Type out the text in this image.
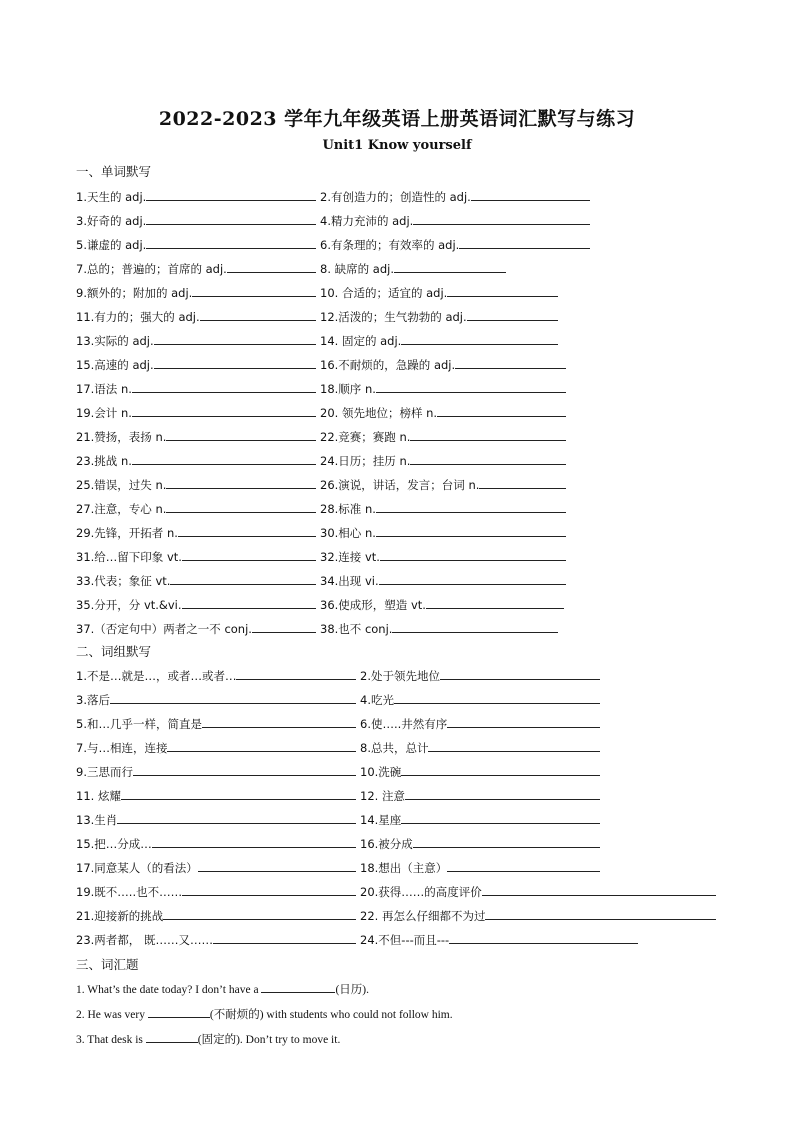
2022-2023 学年九年级英语上册英语词汇默写与练习
Unit1 Know yourself
一、单词默写
二、词组默写
三、词汇题
1.天生的 adj.	2.有创造力的；创造性的 adj.
3.好奇的 adj.	4.精力充沛的 adj.
5.谦虚的 adj.	6.有条理的；有效率的 adj.
7.总的；普遍的；首席的 adj.	8. 缺席的 adj.
9.额外的；附加的 adj.	10. 合适的；适宜的 adj.
11.有力的；强大的 adj.	12.活泼的；生气勃勃的 adj.
13.实际的 adj.	14. 固定的 adj.
15.高速的 adj.	16.不耐烦的，急躁的 adj.
17.语法 n.	18.顺序 n.
19.会计 n.	20. 领先地位；榜样 n.
21.赞扬，表扬 n.	22.竞赛；赛跑 n.
23.挑战 n.	24.日历；挂历 n.
25.错误，过失 n.	26.演说，讲话，发言；台词 n.
27.注意，专心 n.	28.标准 n.
29.先锋，开拓者 n.	30.相心 n.
31.给…留下印象 vt.	32.连接 vt.
33.代表；象征 vt.	34.出现 vi.
35.分开，分 vt.&vi.	36.使成形，塑造 vt.
37.（否定句中）两者之一不 conj.	38.也不 conj.
1.不是…就是…，或者…或者…	2.处于领先地位
3.落后	4.吃光
5.和…几乎一样，简直是	6.使…..井然有序
7.与…相连，连接	8.总共，总计
9.三思而行	10.洗碗
11. 炫耀	12. 注意
13.生肖	14.星座
15.把…分成…	16.被分成
17.同意某人（的看法）	18.想出（主意）
19.既不…..也不……	20.获得……的高度评价
21.迎接新的挑战	22. 再怎么仔细都不为过
23.两者都， 既……又……	24.不但---而且---
1. What’s the date today? I don’t have a	(日历).
2. He was very	(不耐烦的) with students who could not follow him.
3. That desk is	(固定的). Don’t try to move it.
